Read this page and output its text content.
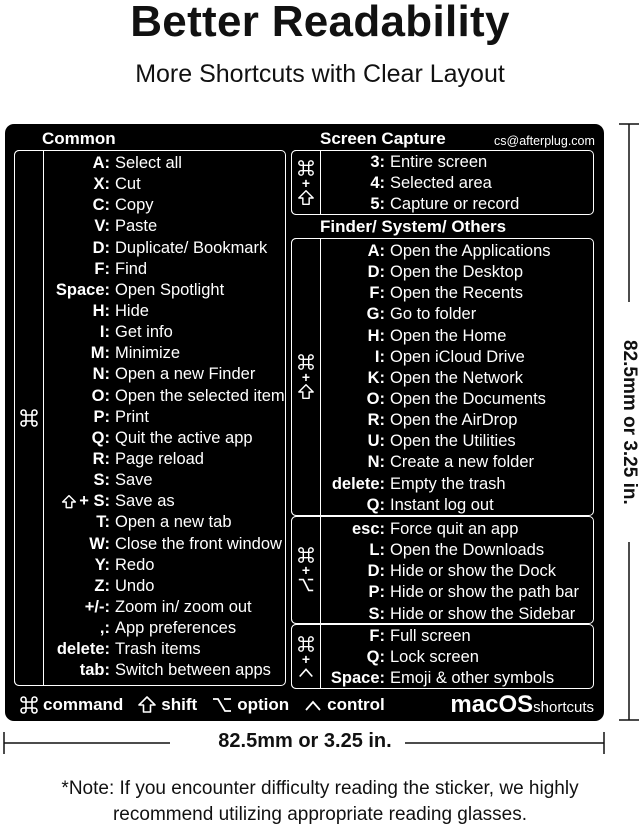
Better Readability
More Shortcuts with Clear Layout
Common	Screen Capture	cs@afterplug.com
Finder/ System/ Others
A: Select all
X: Cut
C: Copy
V: Paste
D: Duplicate/ Bookmark
F: Find
Space: Open Spotlight
H: Hide
I: Get info
M: Minimize
N: Open a new Finder
O: Open the selected item
P: Print
Q: Quit the active app
R: Page reload
S: Save
+ S: Save as
T: Open a new tab
W: Close the front window
Y: Redo
Z: Undo
+/-: Zoom in/ zoom out
,: App preferences
delete: Trash items
tab: Switch between apps
+
3: Entire screen
4: Selected area
5: Capture or record
+
A: Open the Applications
D: Open the Desktop
F: Open the Recents
G: Go to folder
H: Open the Home
I: Open iCloud Drive
K: Open the Network
O: Open the Documents
R: Open the AirDrop
U: Open the Utilities
N: Create a new folder
delete: Empty the trash
Q: Instant log out
+
esc: Force quit an app
L: Open the Downloads
D: Hide or show the Dock
P: Hide or show the path bar
S: Hide or show the Sidebar
+
F: Full screen
Q: Lock screen
Space: Emoji & other symbols
command shift option control	macOSshortcuts
82.5mm or 3.25 in.
82.5mm or 3.25 in.
*Note: If you encounter difficulty reading the sticker, we highly
recommend utilizing appropriate reading glasses.
